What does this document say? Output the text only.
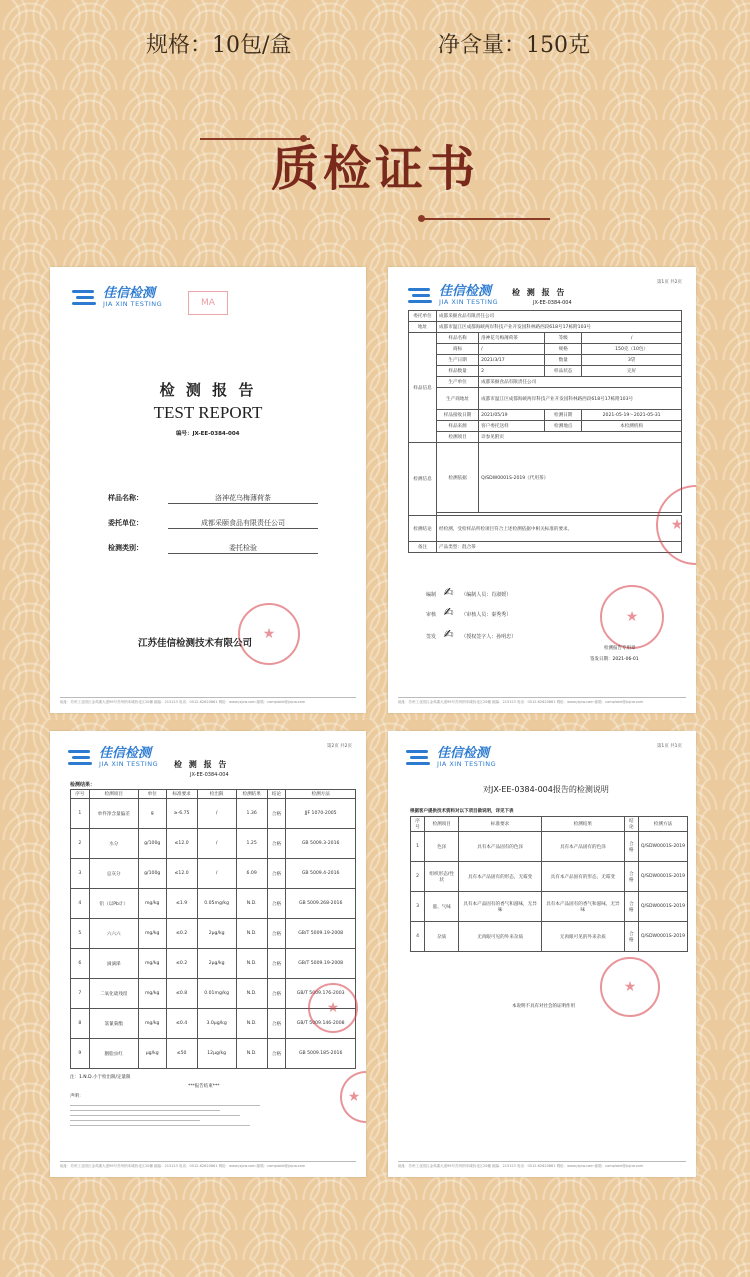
规格：10包/盒	净含量：150克
质检证书
佳信检测
JIA XIN TESTING	MA
检 测 报 告
TEST REPORT
编号：JX-EE-0384-004
样品名称：	洛神花乌梅薄荷茶
委托单位：	成都采颐食品有限责任公司
检测类别：	委托检验
★
江苏佳信检测技术有限公司
地址：苏州工业园区金鸡湖大道99号苏州纳米城西北区20幢 邮编：215123 电话：0512-62620861 网址：www.jxjcw.com 邮箱：complaint@jxjcw.com
佳信检测
JIA XIN TESTING
检 测 报 告
JX-EE-0384-004
第1页 共2页
委托单位	成都采颐食品有限责任公司			
地址	成都市温江区成都海峡两岸科技产业开发园科林路西段618号17栋附103号			
样品信息	样品名称	洛神花乌梅薄荷茶	等级	/
	商标	/	规格	150克（10包）
	生产日期	2021/3/17	数量	3袋
	样品数量	2	样品状态	完好
	生产单位	成都采颐食品有限责任公司		
	生产商地址	成都市温江区成都海峡两岸科技产业开发园科林路西段618号17栋附103号		
	样品接收日期	2021/05/19	检测日期	2021-05-19～2021-05-31
	样品来源	客户委托送样	检测地点	本检测机构
	检测项目	详参见附页		
检测信息	检测依据	Q/SDW0001S-2019《代用茶》		

检测结论	经检测，受检样品所检项目符合上述检测依据中相关标准的要求。			
备注	产品类型：混合茶			
编制 ✍ （编制人员：肖淑媛）
审核 ✍ （审核人员：秦秀秀）
签发 ✍ （授权签字人：孙明忠）
★
★
检测报告专用章
签发日期：2021-06-01
地址：苏州工业园区金鸡湖大道99号苏州纳米城西北区20幢 邮编：215123 电话：0512-62620861 网址：www.jxjcw.com 邮箱：complaint@jxjcw.com
佳信检测
JIA XIN TESTING 检 测 报 告
JX-EE-0384-004
第2页 共2页
检测结果：
序号	检测项目	单位	标准要求	检出限	检测结果	结论	检测方法
1	单件净含量偏差	g	≥-6.75	/	1.36	合格	JJF 1070-2005
2	水分	g/100g	≤12.0	/	1.25	合格	GB 5009.3-2016
3	总灰分	g/100g	≤12.0	/	6.09	合格	GB 5009.4-2016
4	铅（以Pb计）	mg/kg	≤1.9	0.05mg/kg	N.D.	合格	GB 5009.268-2016
5	六六六	mg/kg	≤0.2	2μg/kg	N.D.	合格	GB/T 5009.19-2008
6	滴滴涕	mg/kg	≤0.2	2μg/kg	N.D.	合格	GB/T 5009.19-2008
7	二氧化硫残留	mg/kg	≤0.8	0.01mg/kg	N.D.	合格	GB/T 5009.176-2003
8	氯氰菊酯	mg/kg	≤0.4	3.0μg/kg	N.D.	合格	GB/T 5009.146-2008
9	胭脂虫红	μg/kg	≤50	12μg/kg	N.D.	合格	GB 5009.185-2016
★
★
注：1.N.D.小于检出限/定量限
***报告结束***
声明：
地址：苏州工业园区金鸡湖大道99号苏州纳米城西北区20幢 邮编：215123 电话：0512-62620861 网址：www.jxjcw.com 邮箱：complaint@jxjcw.com
佳信检测
JIA XIN TESTING
第1页 共1页
对JX-EE-0384-004报告的检测说明
根据客户提供技术资料对以下项目做说明，详见下表
序号	检测项目	标准要求	检测结果	结论	检测方法
1	色泽	具有本产品固有的色泽	具有本产品固有的色泽	合格	Q/SDW0001S-2019
2	组织形态/性状	具有本产品固有的形态，无霉变	具有本产品固有的形态，无霉变	合格	Q/SDW0001S-2019
3	滋、气味	具有本产品固有的香气和滋味，无异味	具有本产品固有的香气和滋味，无异味	合格	Q/SDW0001S-2019
4	杂质	无肉眼可见的外来杂质	无肉眼可见的外来杂质	合格	Q/SDW0001S-2019
★
本说明不具有对社会的证明作用
地址：苏州工业园区金鸡湖大道99号苏州纳米城西北区20幢 邮编：215123 电话：0512-62620861 网址：www.jxjcw.com 邮箱：complaint@jxjcw.com
